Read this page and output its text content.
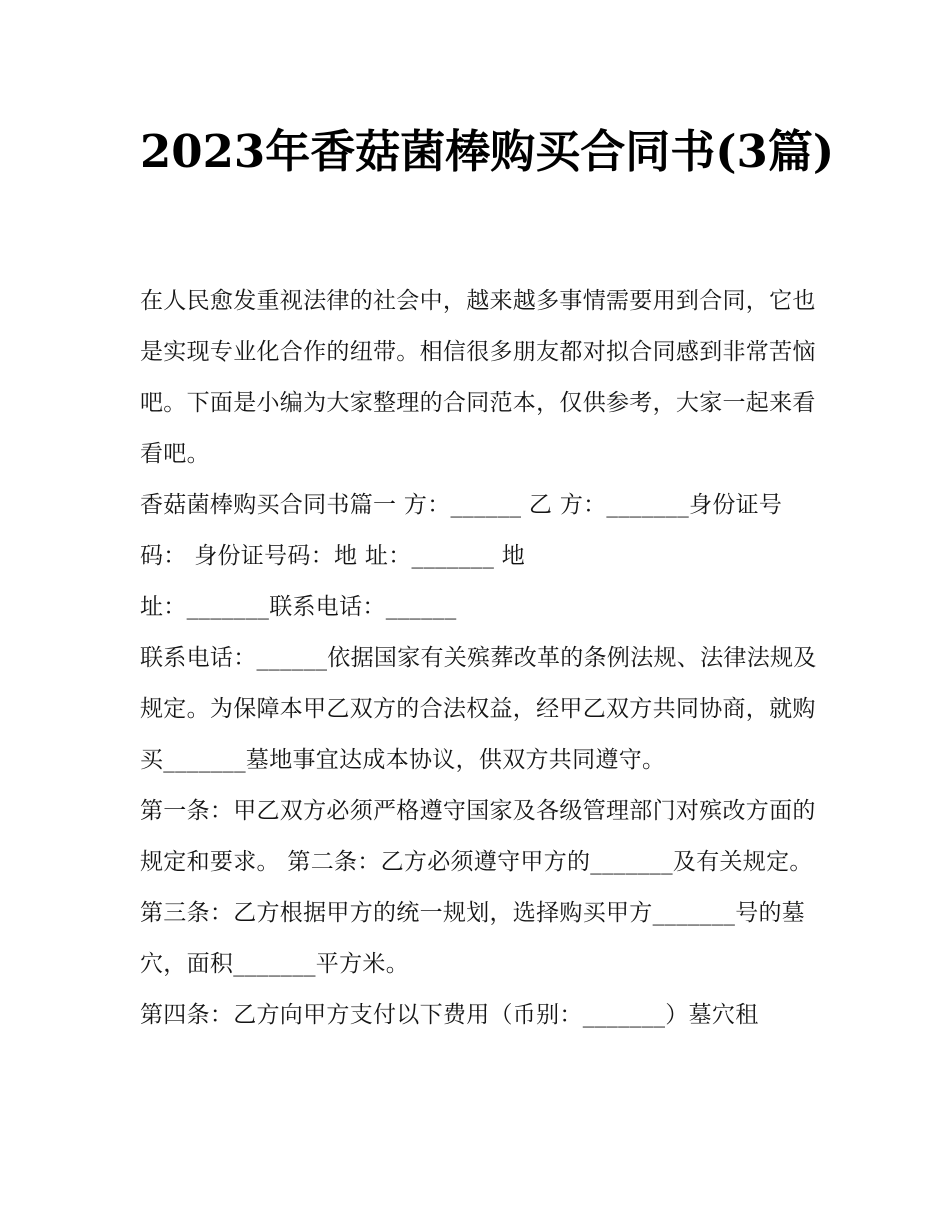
2023年香菇菌棒购买合同书(3篇)

在人民愈发重视法律的社会中，越来越多事情需要用到合同，它也是实现专业化合作的纽带。相信很多朋友都对拟合同感到非常苦恼吧。下面是小编为大家整理的合同范本，仅供参考，大家一起来看看吧。

香菇菌棒购买合同书篇一 方：______ 乙 方：_______身份证号码： 身份证号码：地 址：_______ 地

址：_______联系电话：______

联系电话：______依据国家有关殡葬改革的条例法规、法律法规及规定。为保障本甲乙双方的合法权益，经甲乙双方共同协商，就购买_______墓地事宜达成本协议，供双方共同遵守。

第一条：甲乙双方必须严格遵守国家及各级管理部门对殡改方面的规定和要求。 第二条：乙方必须遵守甲方的_______及有关规定。

第三条：乙方根据甲方的统一规划，选择购买甲方_______号的墓穴，面积_______平方米。

第四条：乙方向甲方支付以下费用（币别：_______）墓穴租
